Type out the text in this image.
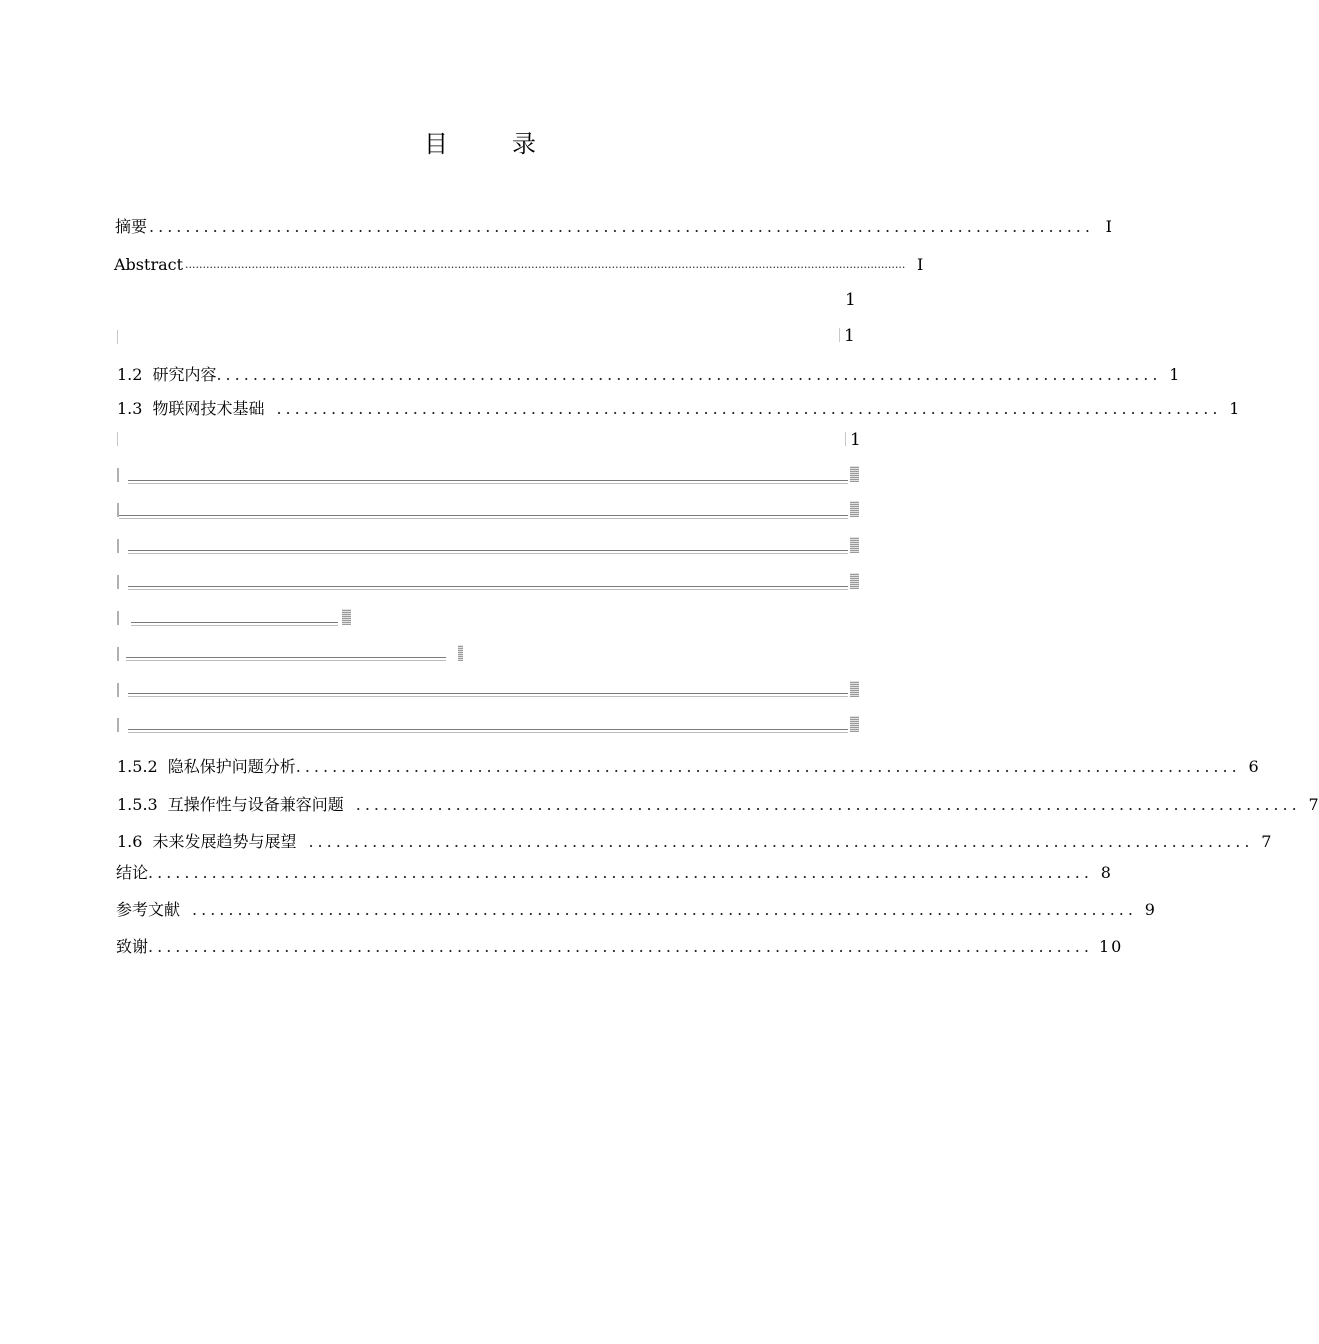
目　录
摘要 ........................................................................................................ I
Abstract .............................................................................................................................................................................................................. I
1
1
1.2 研究内容 ........................................................................................................ 1
1.3 物联网技术基础 ........................................................................................................ 1
1
1.5.2 隐私保护问题分析 ........................................................................................................ 6
1.5.3 互操作性与设备兼容问题 ........................................................................................................ 7
1.6 未来发展趋势与展望 ........................................................................................................ 7
结论 ........................................................................................................ 8
参考文献 ........................................................................................................ 9
致谢 ........................................................................................................ 10
